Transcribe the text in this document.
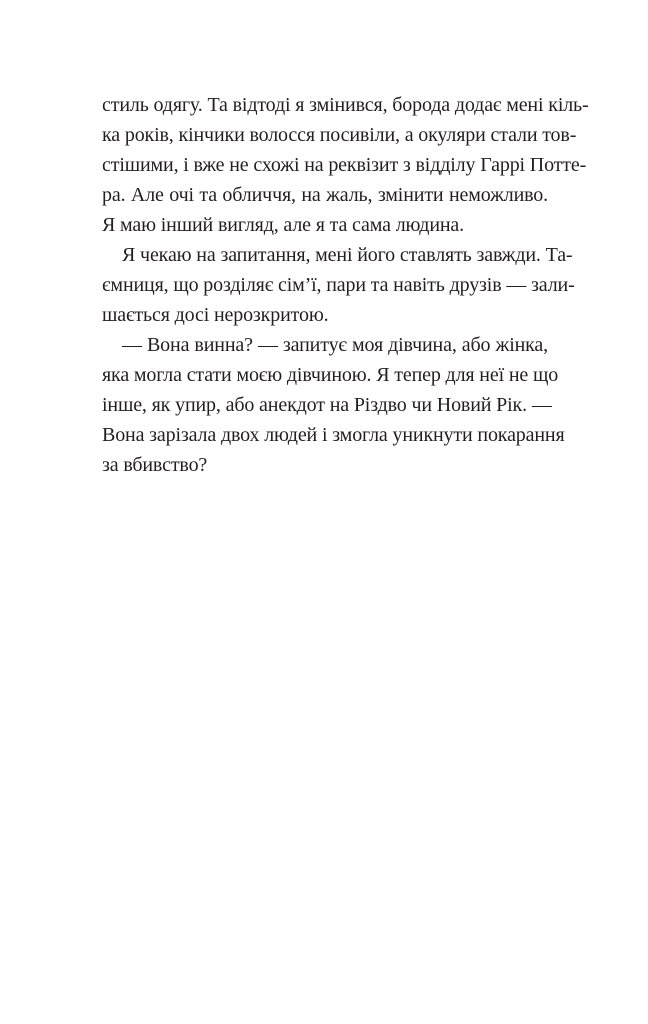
стиль одягу. Та відтоді я змінився, борода додає мені кіль-
ка років, кінчики волосся посивіли, а окуляри стали тов-
стішими, і вже не схожі на реквізит з відділу Гаррі Поттe-
ра. Але очі та обличчя, на жаль, змінити неможливо.
Я маю інший вигляд, але я та сама людина.
Я чекаю на запитання, мені його ставлять завжди. Та-
ємниця, що розділяє сім’ї, пари та навіть друзів — зали-
шається досі нерозкритою.
— Вона винна? — запитує моя дівчина, або жінка,
яка могла стати моєю дівчиною. Я тепер для неї не що
інше, як упир, або анекдот на Різдво чи Новий Рік. —
Вона зарізала двох людей і змогла уникнути покарання
за вбивство?
